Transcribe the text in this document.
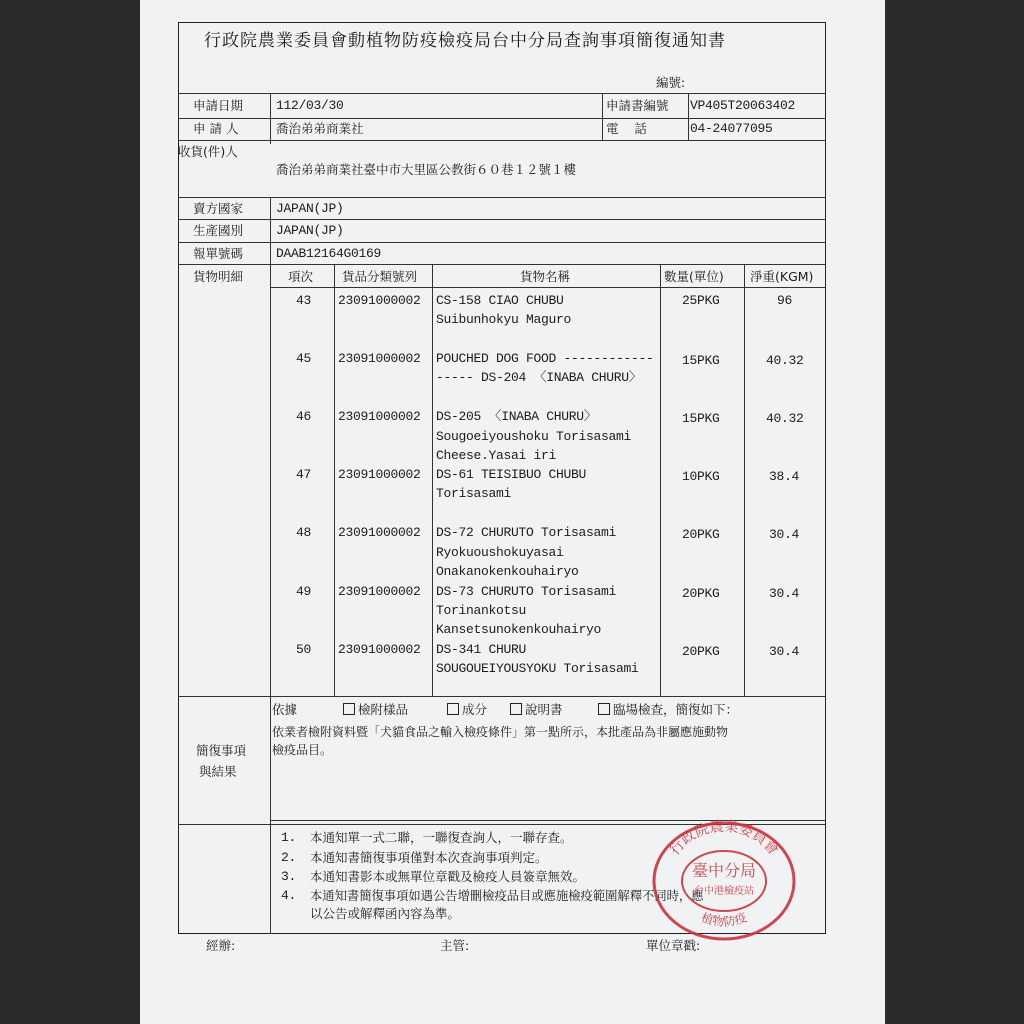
行政院農業委員會動植物防疫檢疫局台中分局查詢事項簡復通知書
編號:
申請日期	112/03/30	申請書編號 VP405T20063402
申 請 人	喬治弟弟商業社	電    話	04-24077095
收貨(件)人
喬治弟弟商業社臺中市大里區公教街６０巷１２號１樓
賣方國家	JAPAN(JP)
生產國別	JAPAN(JP)
報單號碼	DAAB12164G0169
貨物明細	項次 貨品分類號列	貨物名稱	數量(單位) 淨重(KGM)
43 23091000002 CS-158 CIAO CHUBU
Suibunhokyu Maguro
25PKG	96
45 23091000002 POUCHED DOG FOOD ------------
----- DS-204 〈INABA CHURU〉
15PKG	40.32
46 23091000002 DS-205 〈INABA CHURU〉
Sougoeiyoushoku Torisasami
Cheese.Yasai iri
15PKG	40.32
47 23091000002 DS-61 TEISIBUO CHUBU
Torisasami
10PKG	38.4
48 23091000002 DS-72 CHURUTO Torisasami
Ryokuoushokuyasai
Onakanokenkouhairyo
20PKG	30.4
49 23091000002 DS-73 CHURUTO Torisasami
Torinankotsu
Kansetsunokenkouhairyo
20PKG	30.4
50 23091000002 DS-341 CHURU
SOUGOUEIYOUSYOKU Torisasami
20PKG	30.4
簡復事項
與結果
依據	檢附樣品	成分	說明書	臨場檢查，簡復如下：
依業者檢附資料暨「犬貓食品之輸入檢疫條件」第一點所示，本批產品為非屬應施動物
檢疫品目。
1. 本通知單一式二聯，一聯復查詢人，一聯存查。
2. 本通知書簡復事項僅對本次查詢事項判定。
3. 本通知書影本或無單位章戳及檢疫人員簽章無效。
4. 本通知書簡復事項如遇公告增刪檢疫品目或應施檢疫範圍解釋不同時，應
以公告或解釋函內容為準。
經辦:	主管:	單位章戳:
行政院農業委員會
臺中分局
台中港檢疫站
植物防疫
